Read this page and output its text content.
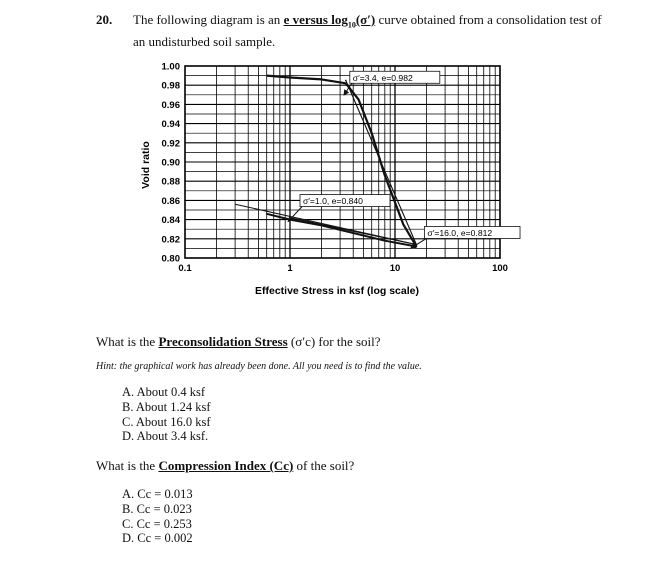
20. The following diagram is an e versus $\log_{10}(\sigma')$ curve obtained from a consolidation test of an undisturbed soil sample.
σ′=3.4, e=0.982
σ′=1.0, e=0.840
σ′=16.0, e=0.812
1.00
0.98
0.96
0.94
0.92
0.90
0.88
0.86
0.84
0.82
0.80
0.1	1	10	100
Effective Stress in ksf (log scale)
Void ratio
What is the Preconsolidation Stress (σ′c) for the soil?
Hint: the graphical work has already been done. All you need is to find the value.
A. About 0.4 ksf
B. About 1.24 ksf
C. About 16.0 ksf
D. About 3.4 ksf.
What is the Compression Index (Cc) of the soil?
A. Cc = 0.013
B. Cc = 0.023
C. Cc = 0.253
D. Cc = 0.002
